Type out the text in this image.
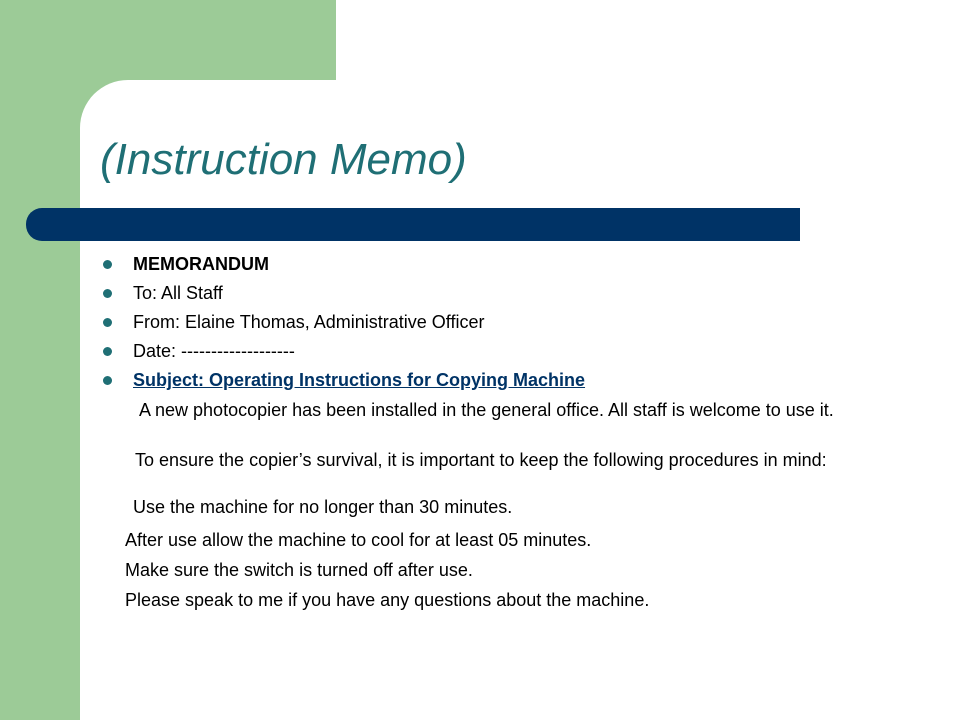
(Instruction Memo)
MEMORANDUM
To: All Staff
From: Elaine Thomas, Administrative Officer
Date: -------------------
Subject: Operating Instructions for Copying Machine
A new photocopier has been installed in the general office. All staff is welcome to use it.
To ensure the copier’s survival, it is important to keep the following procedures in mind:
Use the machine for no longer than 30 minutes.
After use allow the machine to cool for at least 05 minutes.
Make sure the switch is turned off after use.
Please speak to me if you have any questions about the machine.
